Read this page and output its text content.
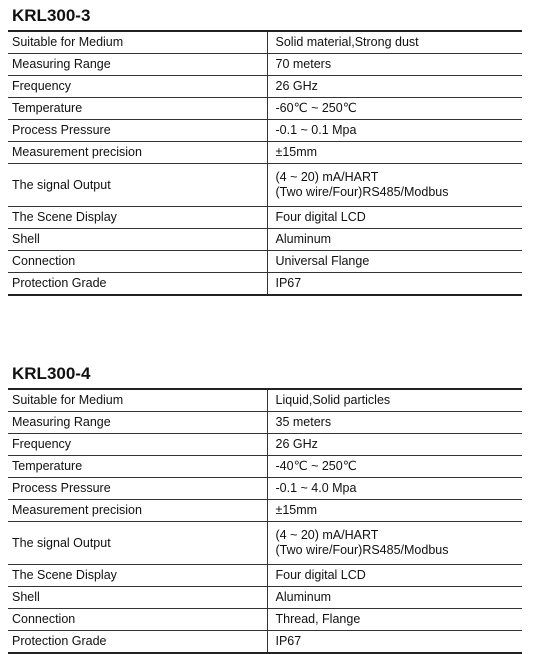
KRL300-3
Suitable for Medium	Solid material,Strong dust

Measuring Range	70 meters

Frequency	26 GHz

Temperature	-60℃ ~ 250℃

Process Pressure	-0.1 ~ 0.1 Mpa

Measurement precision	±15mm

The signal Output	(4 ~ 20) mA/HART
(Two wire/Four)RS485/Modbus

The Scene Display	Four digital LCD

Shell	Aluminum

Connection	Universal Flange

Protection Grade	IP67
KRL300-4
Suitable for Medium	Liquid,Solid particles

Measuring Range	35 meters

Frequency	26 GHz

Temperature	-40℃ ~ 250℃

Process Pressure	-0.1 ~ 4.0 Mpa

Measurement precision	±15mm

The signal Output	(4 ~ 20) mA/HART
(Two wire/Four)RS485/Modbus

The Scene Display	Four digital LCD

Shell	Aluminum

Connection	Thread, Flange

Protection Grade	IP67
